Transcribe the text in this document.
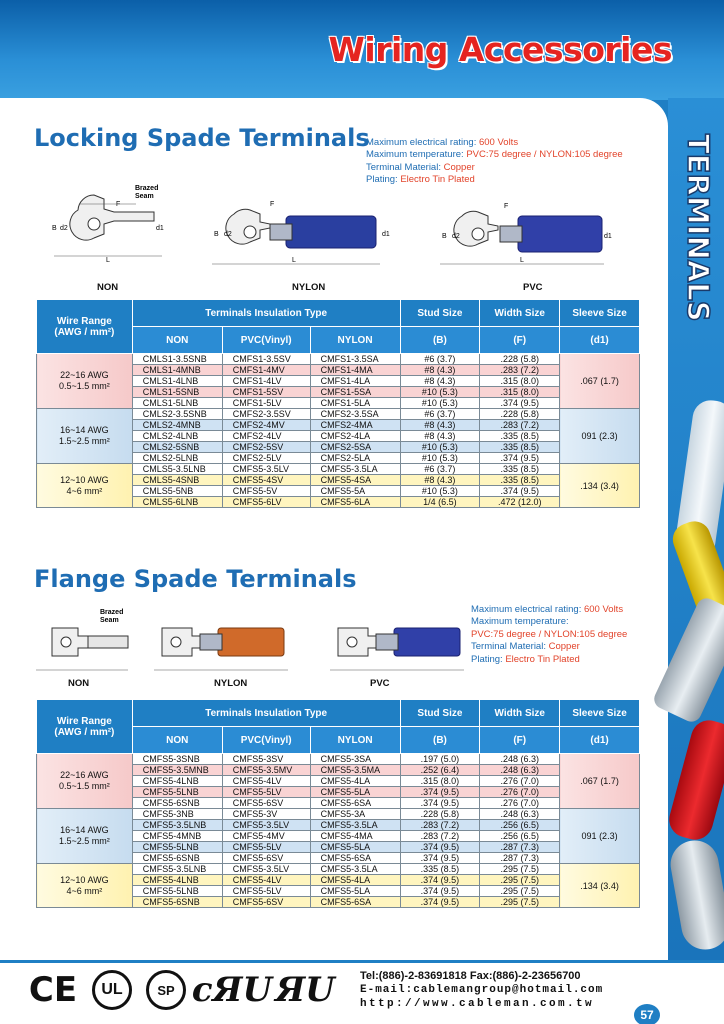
Wiring Accessories
TERMINALS
Locking Spade Terminals
Maximum electrical rating: 600 Volts
Maximum temperature: PVC:75 degree / NYLON:105 degree
Terminal Material: Copper
Plating: Electro Tin Plated
Brazed
Seam
B d2	d1
L
F
L
B d2	d1
F
L
B d2	d1
F
NON	NYLON	PVC
Wire Range
(AWG / mm²)	Terminals Insulation Type			Stud Size	Width Size	Sleeve Size
	NON	PVC(Vinyl)	NYLON	(B)	(F)	(d1)

22~16 AWG
0.5~1.5 mm²	CMLS1-3.5SNB	CMFS1-3.5SV	CMFS1-3.5SA	#6 (3.7)	.228 (5.8)	.067 (1.7)
	CMLS1-4MNB	CMFS1-4MV	CMFS1-4MA	#8 (4.3)	.283 (7.2)	
	CMLS1-4LNB	CMFS1-4LV	CMFS1-4LA	#8 (4.3)	.315 (8.0)	
	CMLS1-5SNB	CMFS1-5SV	CMFS1-5SA	#10 (5.3)	.315 (8.0)	
	CMLS1-5LNB	CMFS1-5LV	CMFS1-5LA	#10 (5.3)	.374 (9.5)	

16~14 AWG
1.5~2.5 mm²	CMLS2-3.5SNB	CMFS2-3.5SV	CMFS2-3.5SA	#6 (3.7)	.228 (5.8)	091 (2.3)
	CMLS2-4MNB	CMFS2-4MV	CMFS2-4MA	#8 (4.3)	.283 (7.2)	
	CMLS2-4LNB	CMFS2-4LV	CMFS2-4LA	#8 (4.3)	.335 (8.5)	
	CMLS2-5SNB	CMFS2-5SV	CMFS2-5SA	#10 (5.3)	.335 (8.5)	
	CMLS2-5LNB	CMFS2-5LV	CMFS2-5LA	#10 (5.3)	.374 (9.5)	

12~10 AWG
4~6 mm²	CMLS5-3.5LNB	CMFS5-3.5LV	CMFS5-3.5LA	#6 (3.7)	.335 (8.5)	.134 (3.4)
	CMLS5-4SNB	CMFS5-4SV	CMFS5-4SA	#8 (4.3)	.335 (8.5)	
	CMLS5-5NB	CMFS5-5V	CMFS5-5A	#10 (5.3)	.374 (9.5)	
	CMLS5-6LNB	CMFS5-6LV	CMFS5-6LA	1/4 (6.5)	.472 (12.0)	
Flange Spade Terminals
Maximum electrical rating: 600 Volts
Maximum temperature:
PVC:75 degree / NYLON:105 degree
Terminal Material: Copper
Plating: Electro Tin Plated
Brazed
Seam
NON	NYLON	PVC
Wire Range
(AWG / mm²)	Terminals Insulation Type			Stud Size	Width Size	Sleeve Size
	NON	PVC(Vinyl)	NYLON	(B)	(F)	(d1)

22~16 AWG
0.5~1.5 mm²	CMFS5-3SNB	CMFS5-3SV	CMFS5-3SA	.197 (5.0)	.248 (6.3)	.067 (1.7)
	CMFS5-3.5MNB	CMFS5-3.5MV	CMFS5-3.5MA	.252 (6.4)	.248 (6.3)	
	CMFS5-4LNB	CMFS5-4LV	CMFS5-4LA	.315 (8.0)	.276 (7.0)	
	CMFS5-5LNB	CMFS5-5LV	CMFS5-5LA	.374 (9.5)	.276 (7.0)	
	CMFS5-6SNB	CMFS5-6SV	CMFS5-6SA	.374 (9.5)	.276 (7.0)	

16~14 AWG
1.5~2.5 mm²	CMFS5-3NB	CMFS5-3V	CMFS5-3A	.228 (5.8)	.248 (6.3)	091 (2.3)
	CMFS5-3.5LNB	CMFS5-3.5LV	CMFS5-3.5LA	.283 (7.2)	.256 (6.5)	
	CMFS5-4MNB	CMFS5-4MV	CMFS5-4MA	.283 (7.2)	.256 (6.5)	
	CMFS5-5LNB	CMFS5-5LV	CMFS5-5LA	.374 (9.5)	.287 (7.3)	
	CMFS5-6SNB	CMFS5-6SV	CMFS5-6SA	.374 (9.5)	.287 (7.3)	

12~10 AWG
4~6 mm²	CMFS5-3.5LNB	CMFS5-3.5LV	CMFS5-3.5LA	.335 (8.5)	.295 (7.5)	.134 (3.4)
	CMFS5-4LNB	CMFS5-4LV	CMFS5-4LA	.374 (9.5)	.295 (7.5)	
	CMFS5-5LNB	CMFS5-5LV	CMFS5-5LA	.374 (9.5)	.295 (7.5)	
	CMFS5-6SNB	CMFS5-6SV	CMFS5-6SA	.374 (9.5)	.295 (7.5)	
CE	UL	SP cЯU ЯU Tel:(886)-2-83691818 Fax:(886)-2-23656700
E-mail:cablemangroup@hotmail.com
http://www.cableman.com.tw
57
